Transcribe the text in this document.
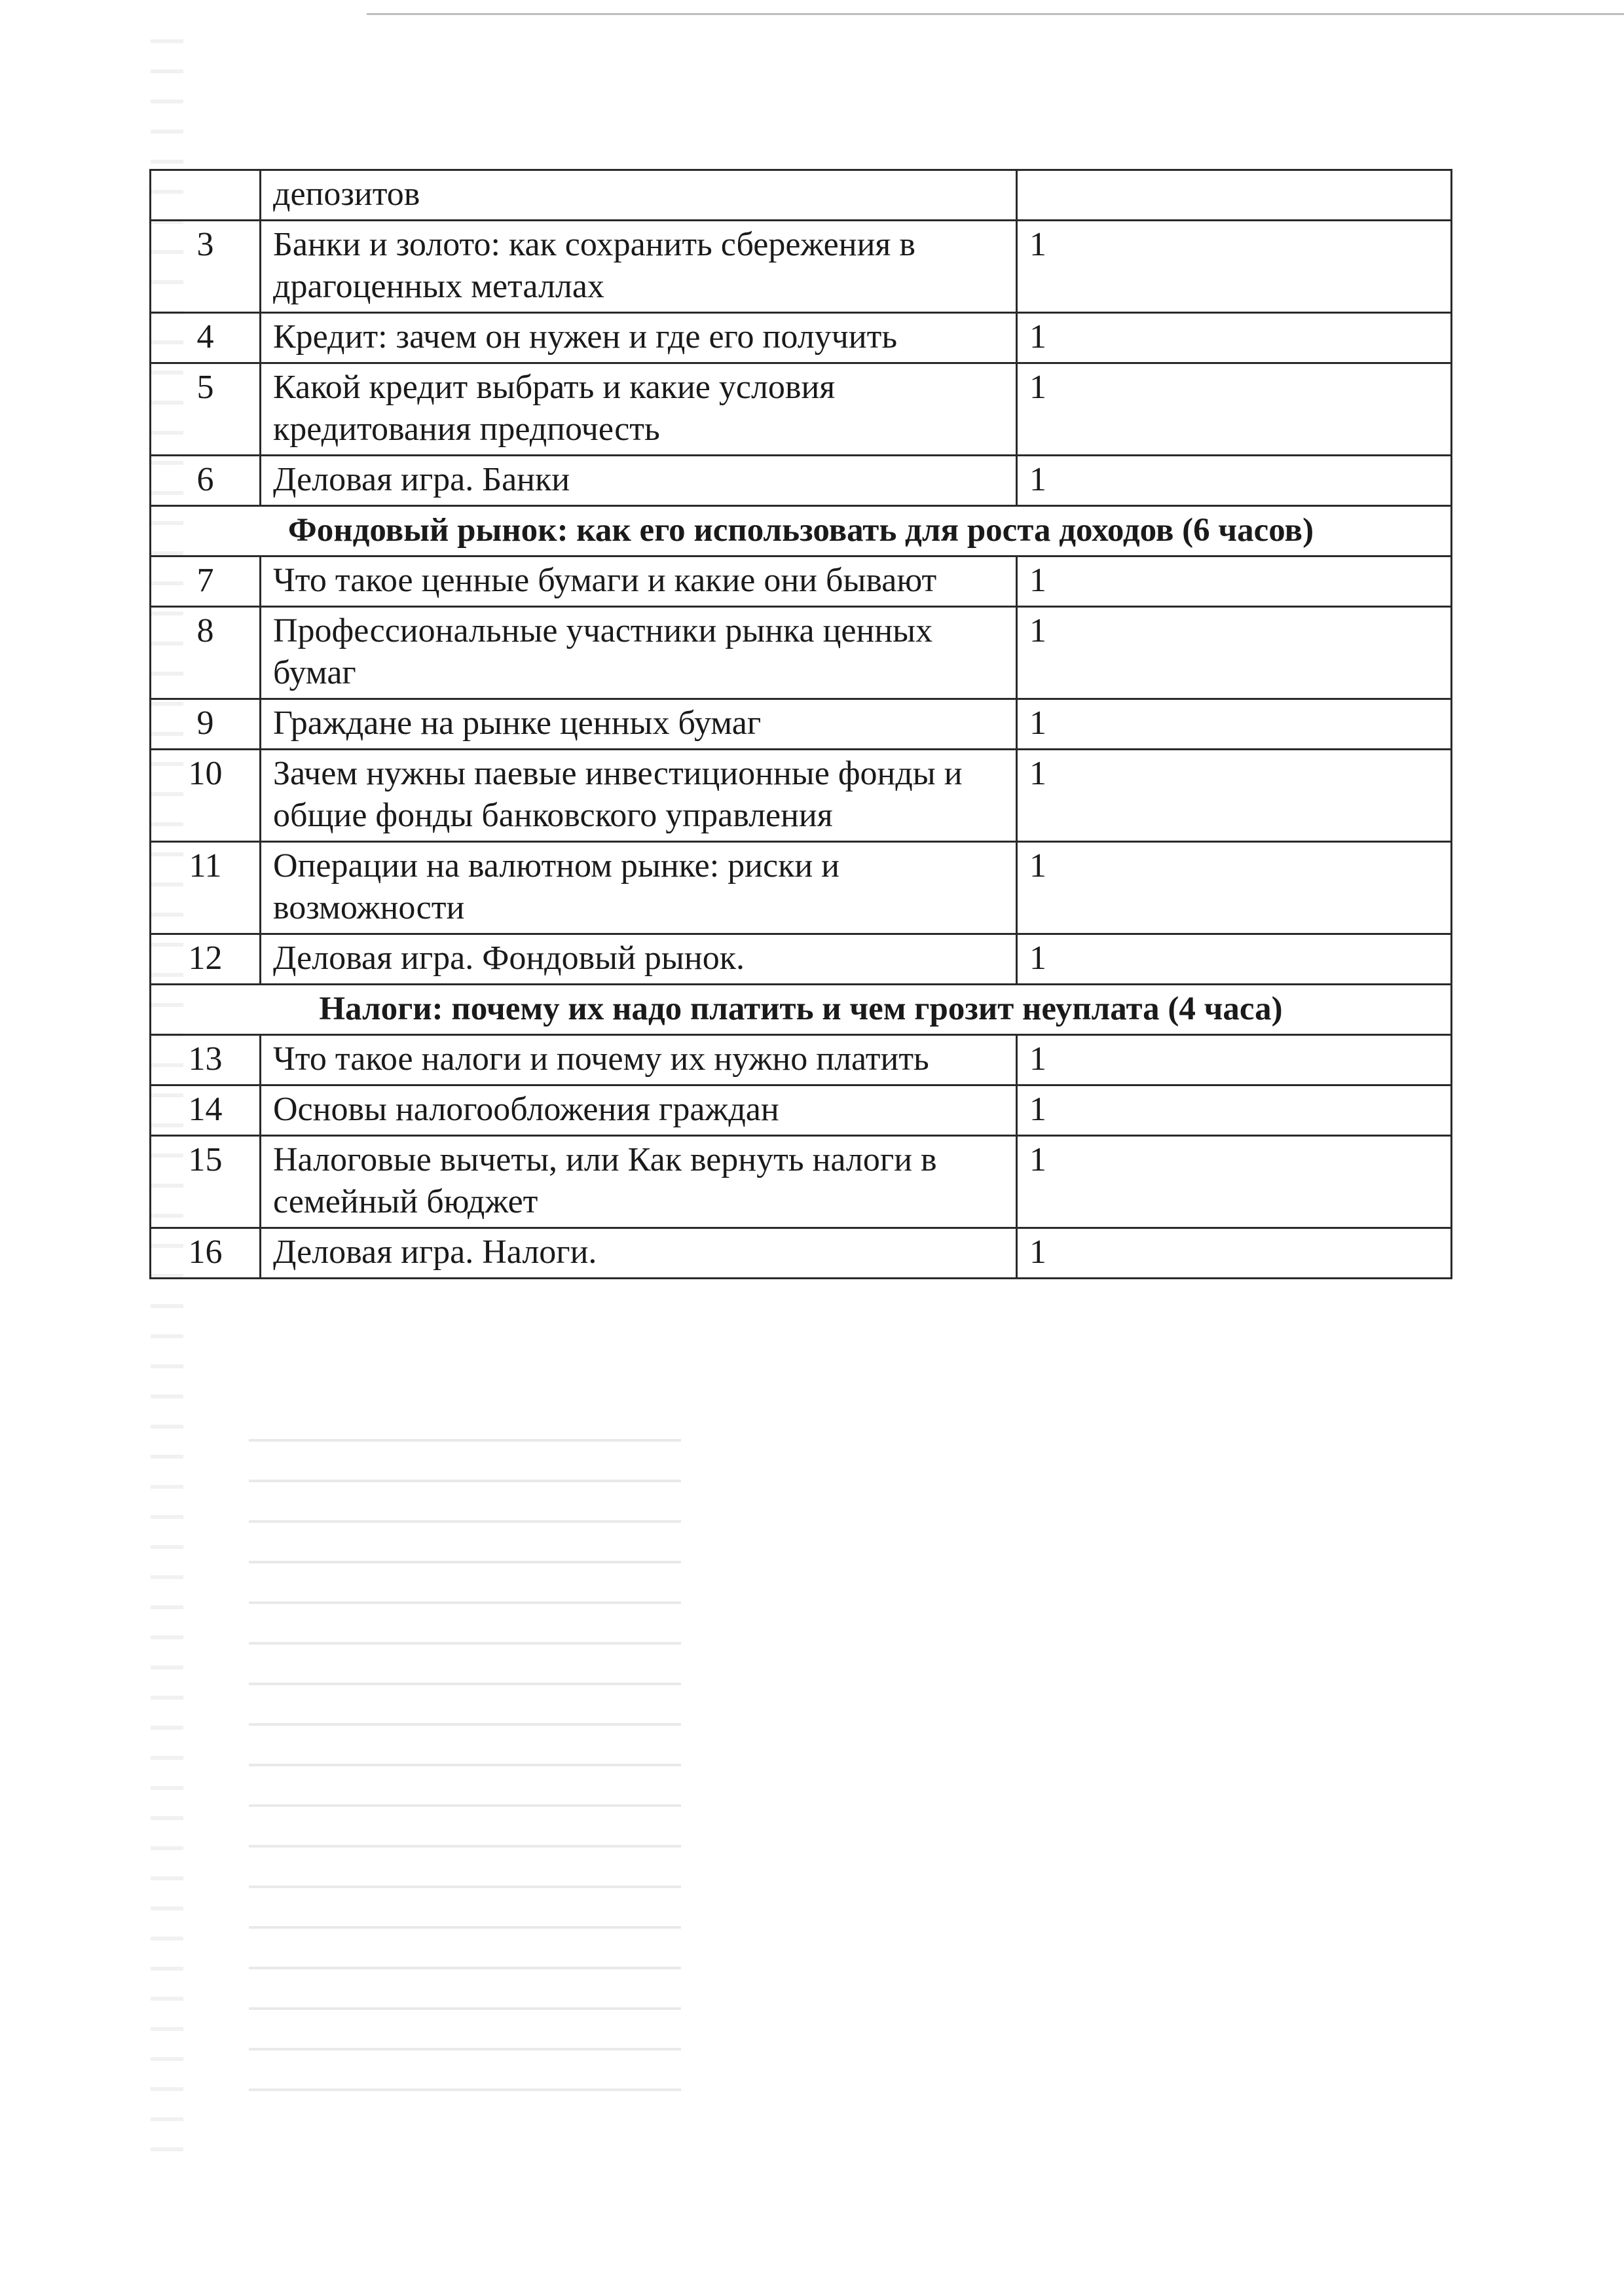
	депозитов	
3	Банки и золото: как сохранить сбережения в драгоценных металлах	1
4	Кредит: зачем он нужен и где его получить	1
5	Какой кредит выбрать и какие условия кредитования предпочесть	1
6	Деловая игра. Банки	1
Фондовый рынок: как его использовать для роста доходов (6 часов)		
7	Что такое ценные бумаги и какие они бывают	1
8	Профессиональные участники рынка ценных бумаг	1
9	Граждане на рынке ценных бумаг	1
10	Зачем нужны паевые инвестиционные фонды и общие фонды банковского управления	1
11	Операции на валютном рынке: риски и возможности	1
12	Деловая игра. Фондовый рынок.	1
Налоги: почему их надо платить и чем грозит неуплата (4 часа)		
13	Что такое налоги и почему их нужно платить	1
14	Основы налогообложения граждан	1
15	Налоговые вычеты, или Как вернуть налоги в семейный бюджет	1
16	Деловая игра. Налоги.	1
